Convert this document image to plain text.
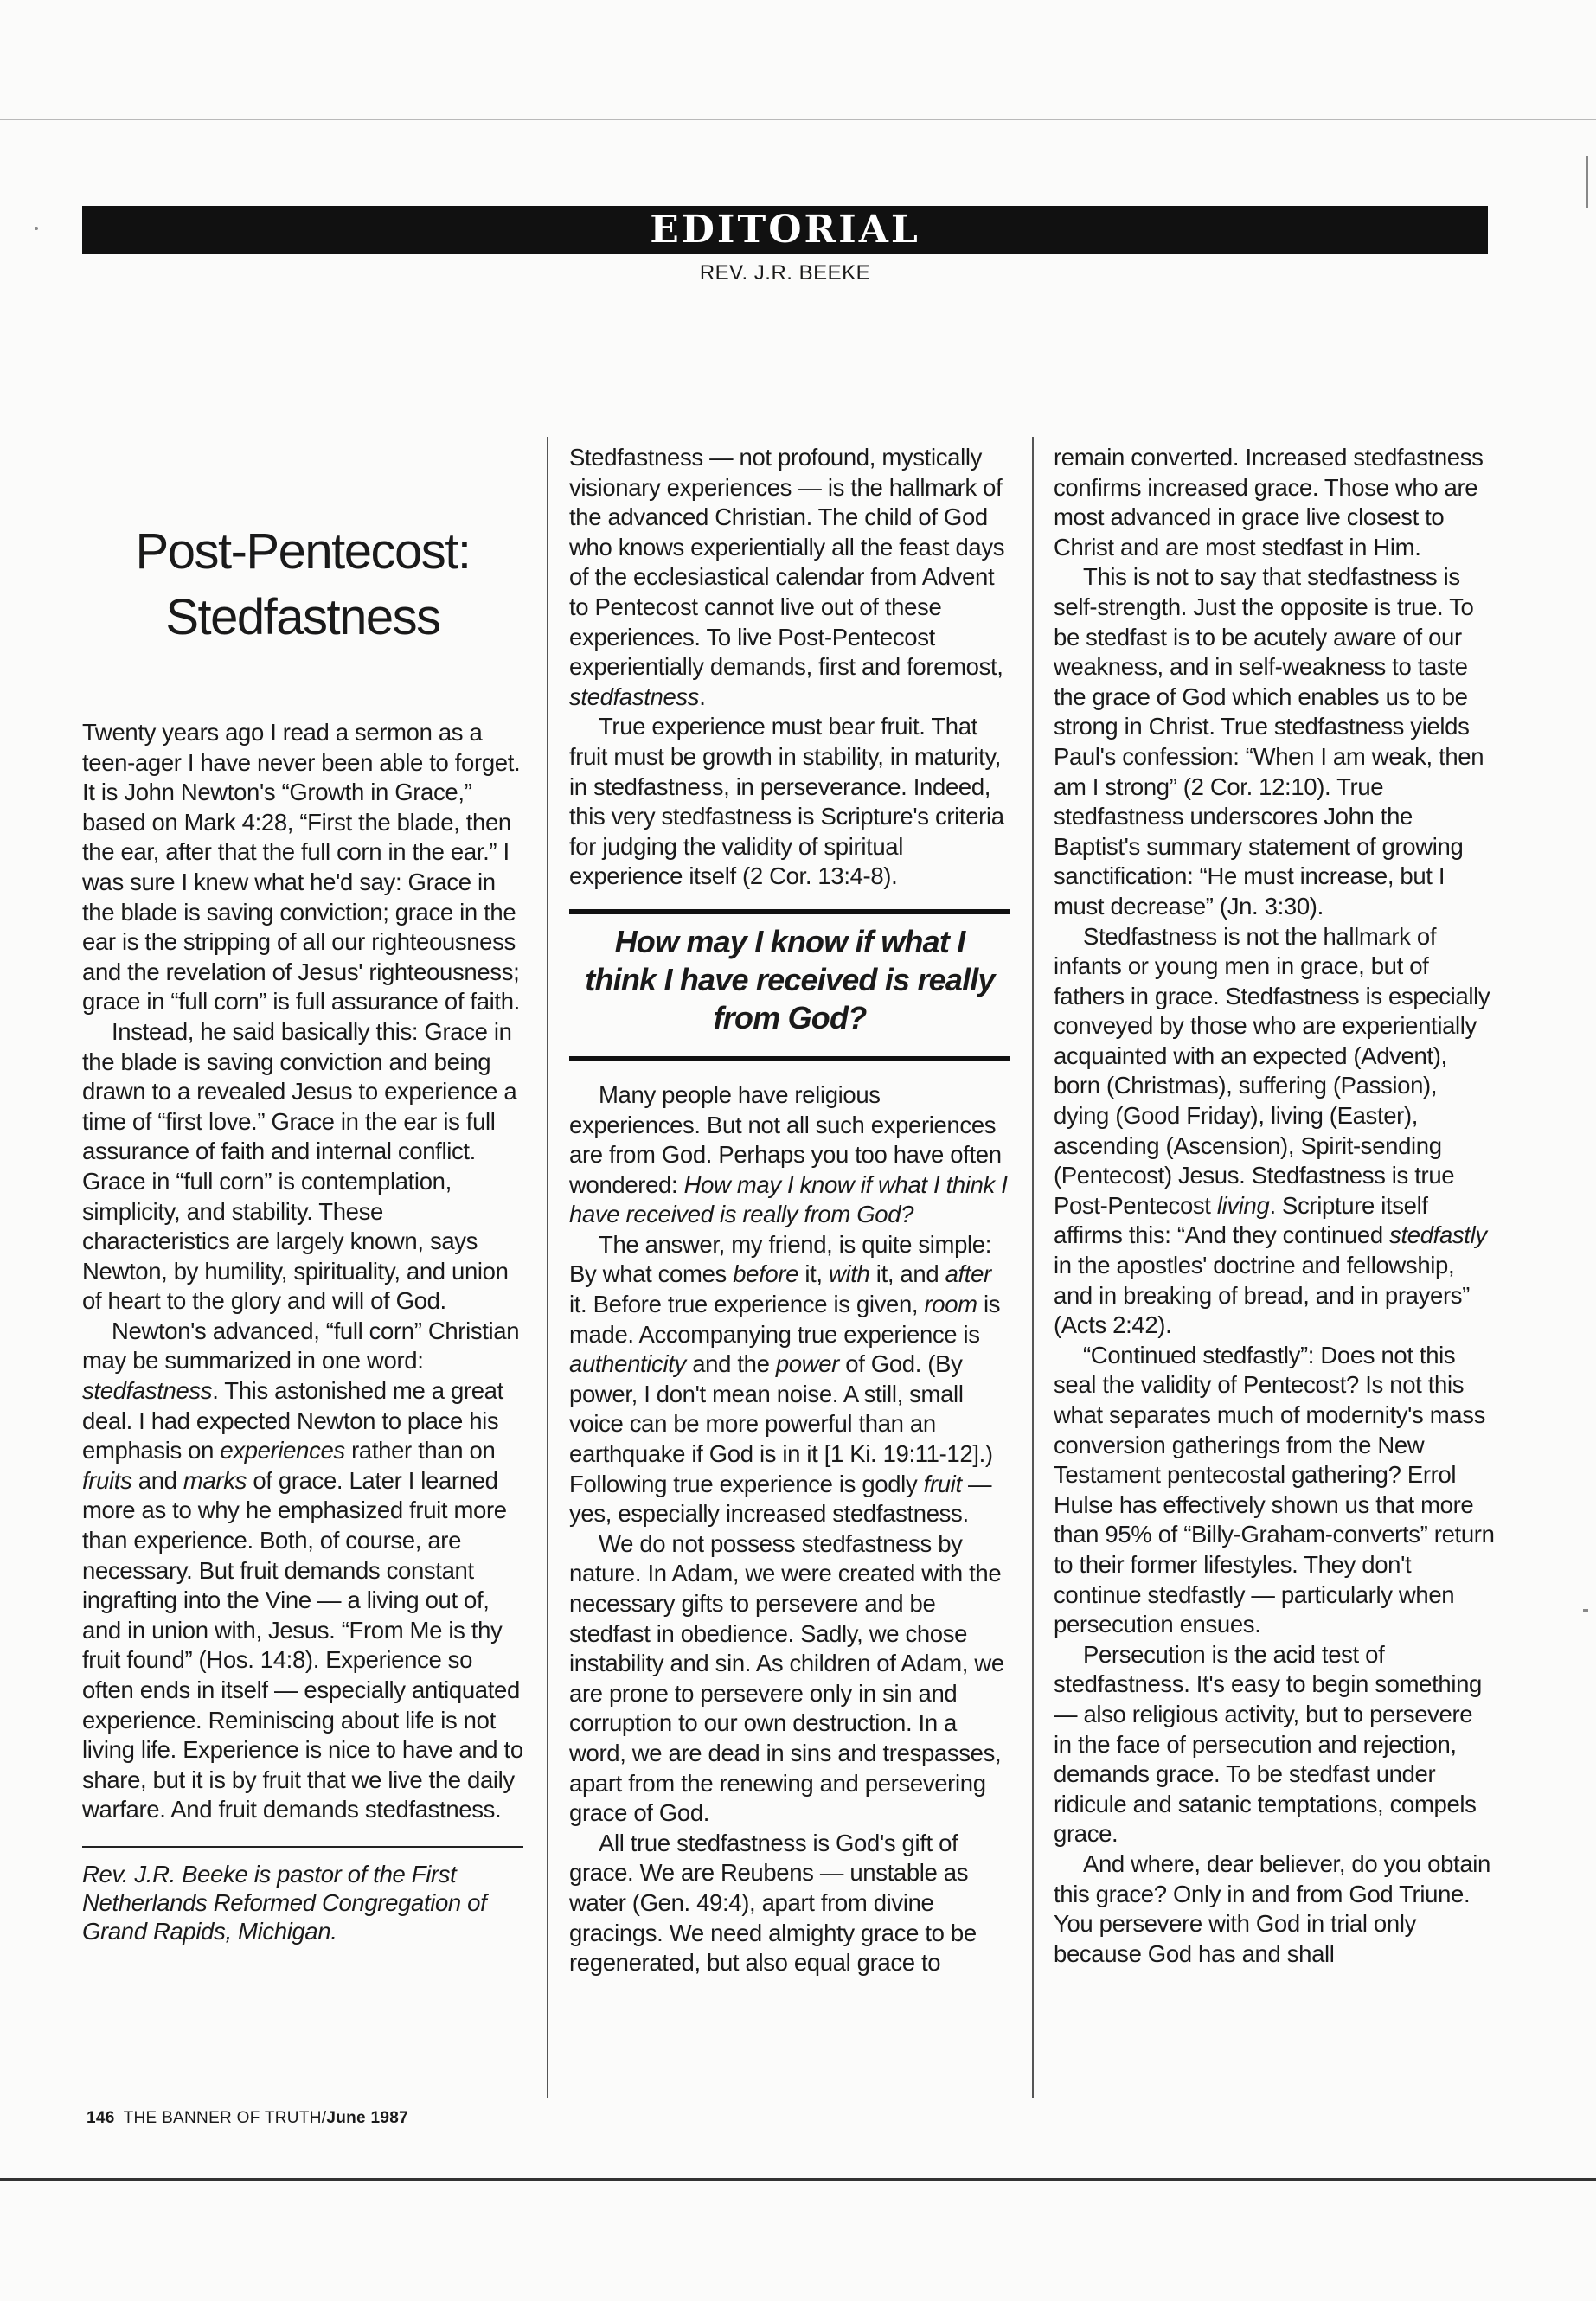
EDITORIAL
REV. J.R. BEEKE
Post-Pentecost:
Stedfastness

Twenty years ago I read a sermon as a teen-ager I have never been able to forget. It is John Newton's “Growth in Grace,” based on Mark 4:28, “First the blade, then the ear, after that the full corn in the ear.” I was sure I knew what he'd say: Grace in the blade is saving conviction; grace in the ear is the stripping of all our righteousness and the revelation of Jesus' righteousness; grace in “full corn” is full assurance of faith.

Instead, he said basically this: Grace in the blade is saving conviction and being drawn to a revealed Jesus to experience a time of “first love.” Grace in the ear is full assurance of faith and internal conflict. Grace in “full corn” is contemplation, simplicity, and stability. These characteristics are largely known, says Newton, by humility, spirituality, and union of heart to the glory and will of God.

Newton's advanced, “full corn” Christian may be summarized in one word: stedfastness. This astonished me a great deal. I had expected Newton to place his emphasis on experiences rather than on fruits and marks of grace. Later I learned more as to why he emphasized fruit more than experience. Both, of course, are necessary. But fruit demands constant ingrafting into the Vine — a living out of, and in union with, Jesus. “From Me is thy fruit found” (Hos. 14:8). Experience so often ends in itself — especially antiquated experience. Reminiscing about life is not living life. Experience is nice to have and to share, but it is by fruit that we live the daily warfare. And fruit demands stedfastness.

Rev. J.R. Beeke is pastor of the First Netherlands Reformed Congregation of Grand Rapids, Michigan.

Stedfastness — not profound, mystically visionary experiences — is the hallmark of the advanced Christian. The child of God who knows experientially all the feast days of the ecclesiastical calendar from Advent to Pentecost cannot live out of these experiences. To live Post-Pentecost experientially demands, first and foremost, stedfastness.

True experience must bear fruit. That fruit must be growth in stability, in maturity, in stedfastness, in perseverance. Indeed, this very stedfastness is Scripture's criteria for judging the validity of spiritual experience itself (2 Cor. 13:4-8).

How may I know if what I think I have received is really from God?

Many people have religious experiences. But not all such experiences are from God. Perhaps you too have often wondered: How may I know if what I think I have received is really from God?

The answer, my friend, is quite simple: By what comes before it, with it, and after it. Before true experience is given, room is made. Accompanying true experience is authenticity and the power of God. (By power, I don't mean noise. A still, small voice can be more powerful than an earthquake if God is in it [1 Ki. 19:11-12].) Following true experience is godly fruit — yes, especially increased stedfastness.

We do not possess stedfastness by nature. In Adam, we were created with the necessary gifts to persevere and be stedfast in obedience. Sadly, we chose instability and sin. As children of Adam, we are prone to persevere only in sin and corruption to our own destruction. In a word, we are dead in sins and trespasses, apart from the renewing and persevering grace of God.

All true stedfastness is God's gift of grace. We are Reubens — unstable as water (Gen. 49:4), apart from divine gracings. We need almighty grace to be regenerated, but also equal grace to

remain converted. Increased stedfastness confirms increased grace. Those who are most advanced in grace live closest to Christ and are most stedfast in Him.

This is not to say that stedfastness is self-strength. Just the opposite is true. To be stedfast is to be acutely aware of our weakness, and in self-weakness to taste the grace of God which enables us to be strong in Christ. True stedfastness yields Paul's confession: “When I am weak, then am I strong” (2 Cor. 12:10). True stedfastness underscores John the Baptist's summary statement of growing sanctification: “He must increase, but I must decrease” (Jn. 3:30).

Stedfastness is not the hallmark of infants or young men in grace, but of fathers in grace. Stedfastness is especially conveyed by those who are experientially acquainted with an expected (Advent), born (Christmas), suffering (Passion), dying (Good Friday), living (Easter), ascending (Ascension), Spirit-sending (Pentecost) Jesus. Stedfastness is true Post-Pentecost living. Scripture itself affirms this: “And they continued stedfastly in the apostles' doctrine and fellowship, and in breaking of bread, and in prayers” (Acts 2:42).

“Continued stedfastly”: Does not this seal the validity of Pentecost? Is not this what separates much of modernity's mass conversion gatherings from the New Testament pentecostal gathering? Errol Hulse has effectively shown us that more than 95% of “Billy-Graham-converts” return to their former lifestyles. They don't continue stedfastly — particularly when persecution ensues.

Persecution is the acid test of stedfastness. It's easy to begin something — also religious activity, but to persevere in the face of persecution and rejection, demands grace. To be stedfast under ridicule and satanic temptations, compels grace.

And where, dear believer, do you obtain this grace? Only in and from God Triune. You persevere with God in trial only because God has and shall

146 THE BANNER OF TRUTH/June 1987
